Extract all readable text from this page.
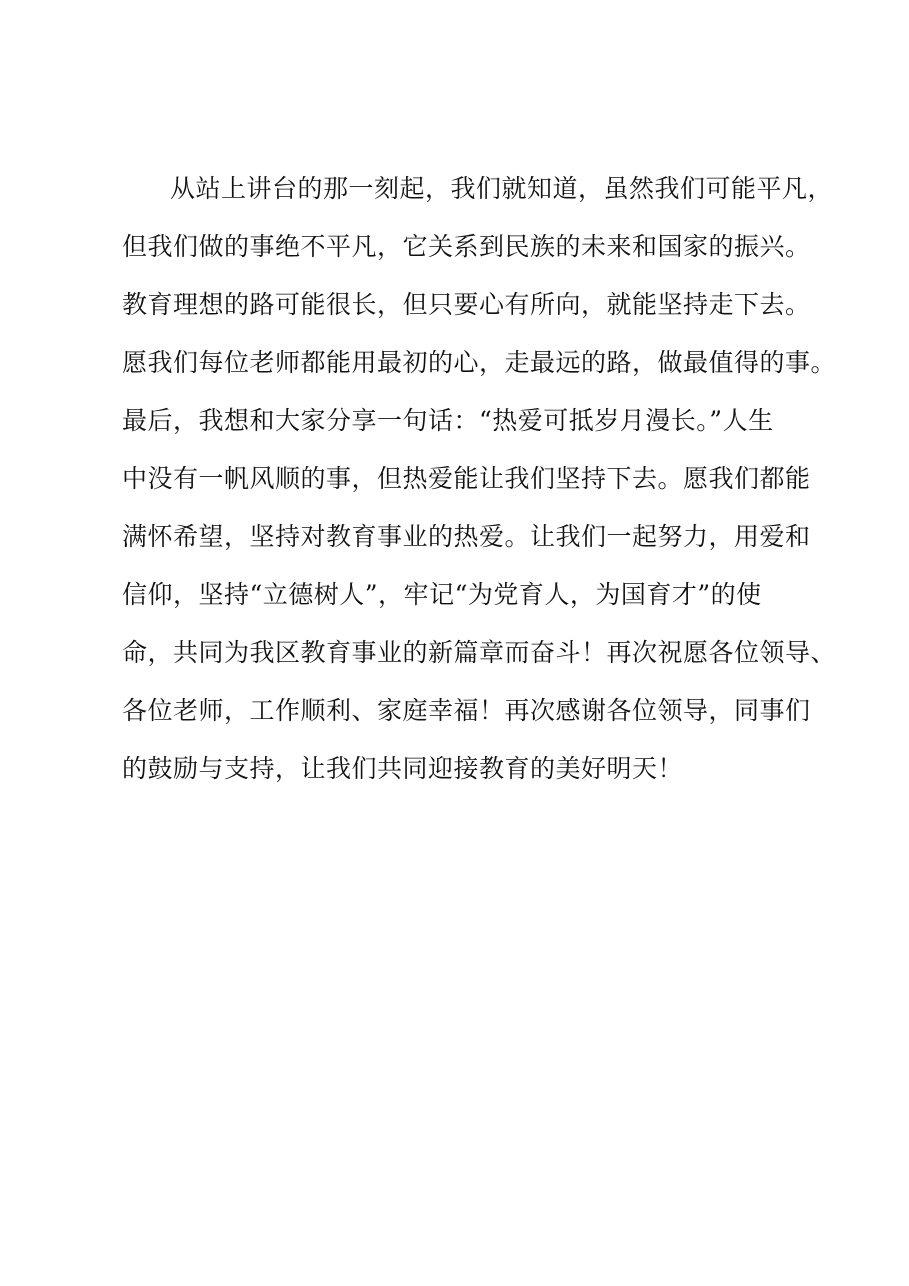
从站上讲台的那一刻起，我们就知道，虽然我们可能平凡，
但我们做的事绝不平凡，它关系到民族的未来和国家的振兴。
教育理想的路可能很长，但只要心有所向，就能坚持走下去。
愿我们每位老师都能用最初的心，走最远的路，做最值得的事。
最后，我想和大家分享一句话：“热爱可抵岁月漫长。”人生
中没有一帆风顺的事，但热爱能让我们坚持下去。愿我们都能
满怀希望，坚持对教育事业的热爱。让我们一起努力，用爱和
信仰，坚持“立德树人”，牢记“为党育人，为国育才”的使
命，共同为我区教育事业的新篇章而奋斗！再次祝愿各位领导、
各位老师，工作顺利、家庭幸福！再次感谢各位领导，同事们
的鼓励与支持，让我们共同迎接教育的美好明天！
